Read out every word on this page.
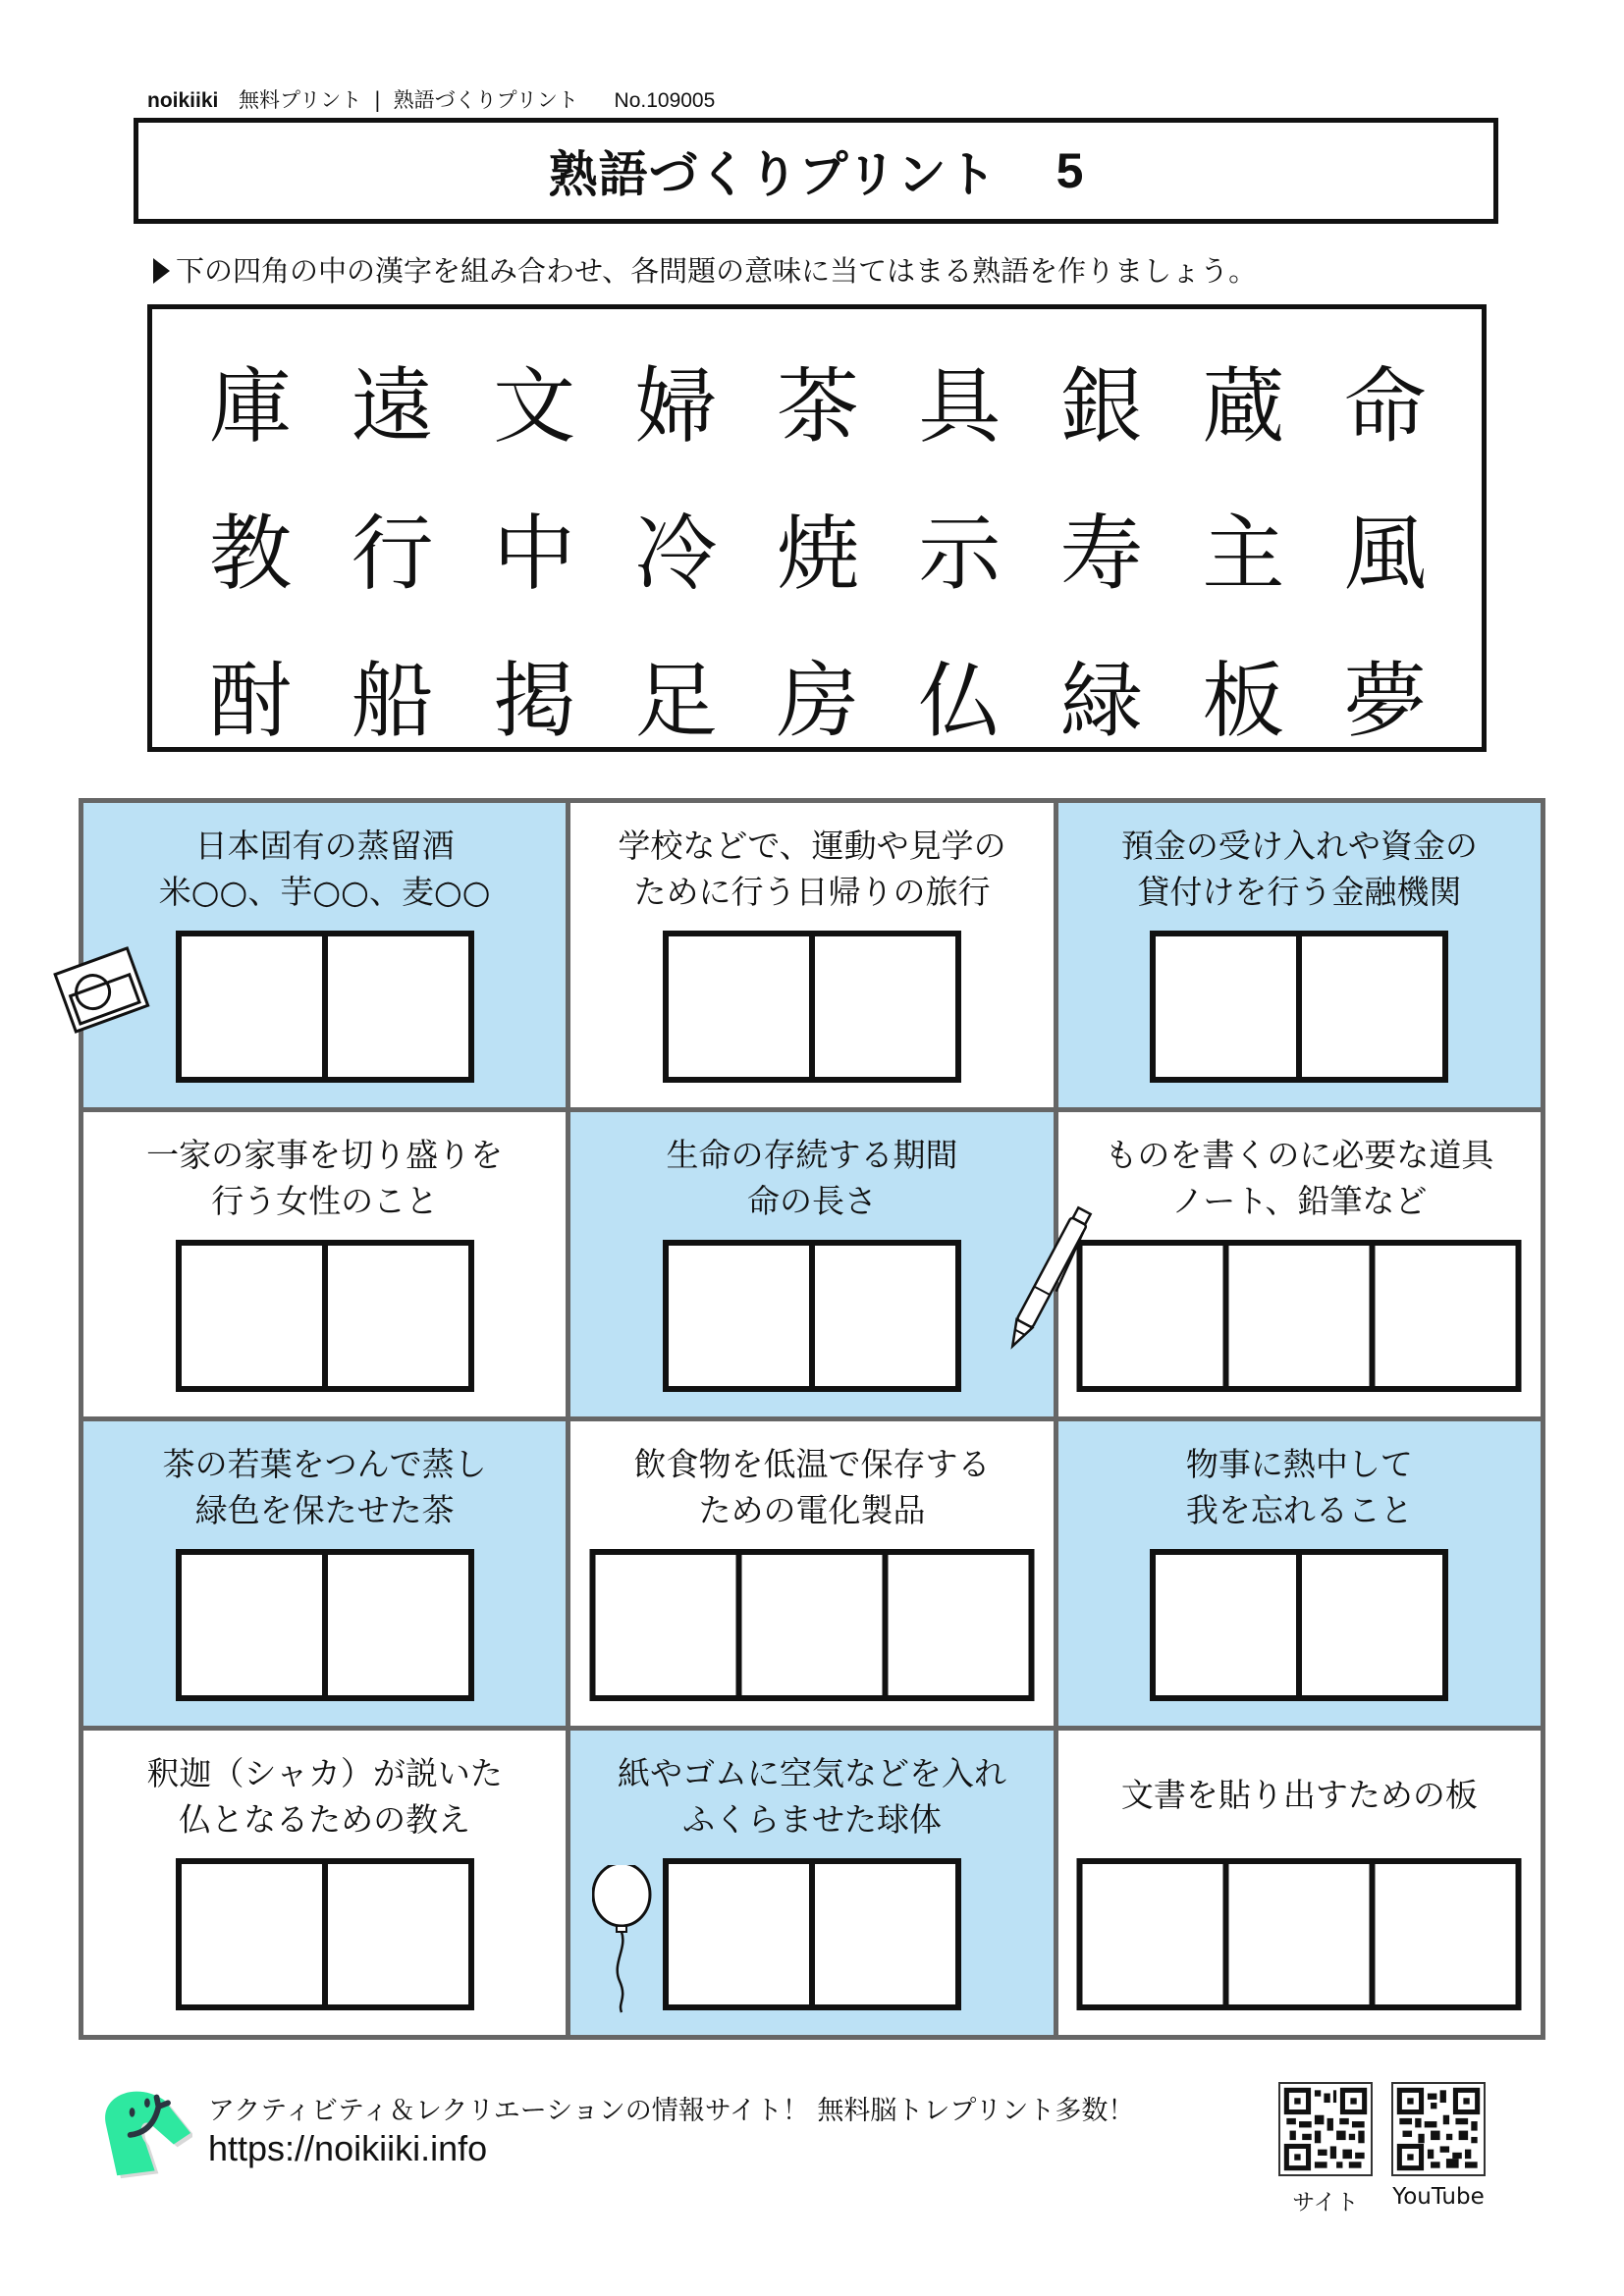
noikiiki 無料プリント | 熟語づくりプリント No.109005
熟語づくりプリント 5
下の四角の中の漢字を組み合わせ、各問題の意味に当てはまる熟語を作りましょう。
庫 遠 文 婦 茶 具 銀 蔵 命
教 行 中 冷 焼 示 寿 主 風
酎 船 掲 足 房 仏 緑 板 夢
日本固有の蒸留酒
米○○、芋○○、麦○○
学校などで、運動や見学の
ために行う日帰りの旅行
預金の受け入れや資金の
貸付けを行う金融機関
一家の家事を切り盛りを
行う女性のこと
生命の存続する期間
命の長さ
ものを書くのに必要な道具
ノート、鉛筆など
茶の若葉をつんで蒸し
緑色を保たせた茶
飲食物を低温で保存する
ための電化製品
物事に熱中して
我を忘れること
釈迦（シャカ）が説いた
仏となるための教え
紙やゴムに空気などを入れ
ふくらませた球体
文書を貼り出すための板
アクティビティ＆レクリエーションの情報サイト！ 無料脳トレプリント多数！
https://noikiiki.info
サイト	YouTube
